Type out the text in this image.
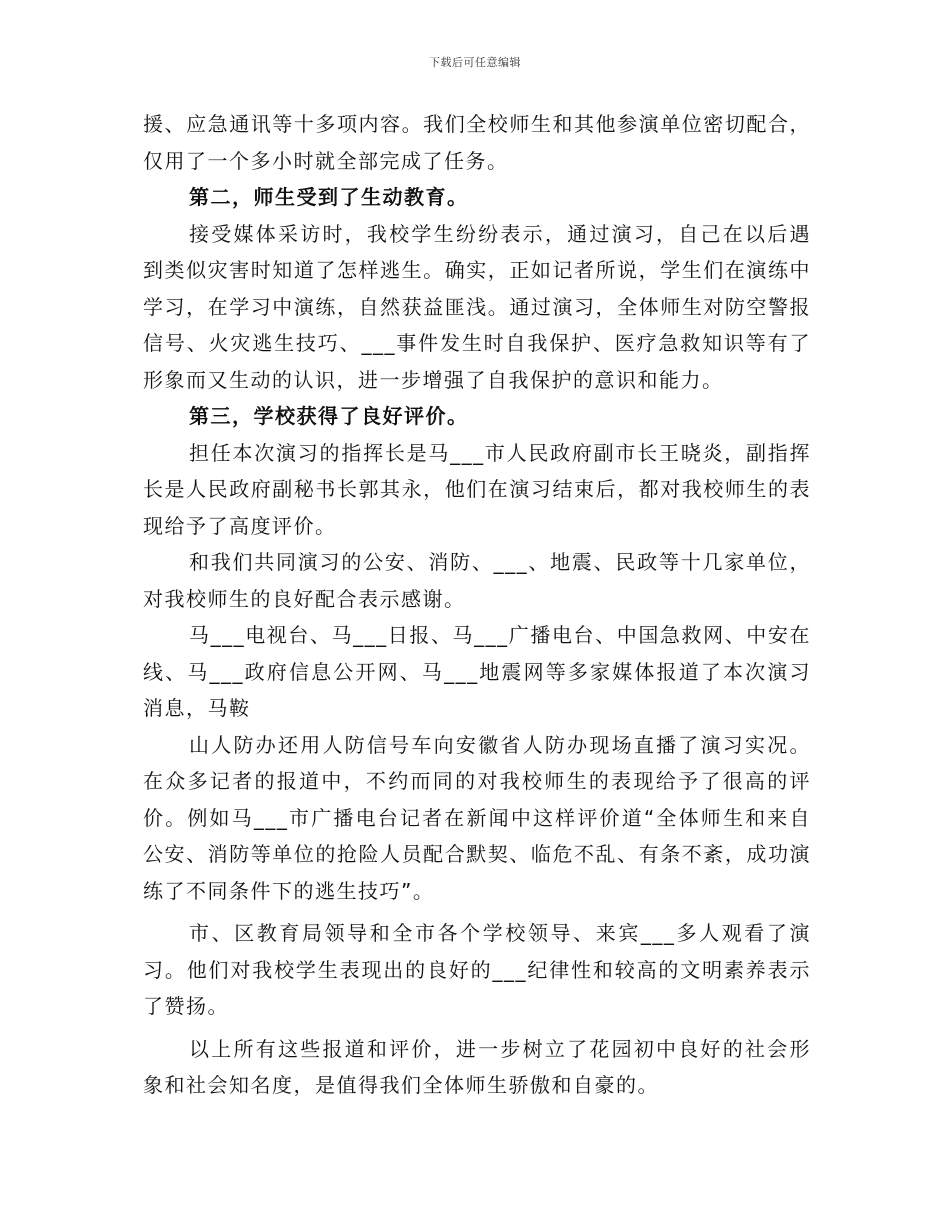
下载后可任意编辑

援、应急通讯等十多项内容。我们全校师生和其他参演单位密切配合，仅用了一个多小时就全部完成了任务。

第二，师生受到了生动教育。

接受媒体采访时，我校学生纷纷表示，通过演习，自己在以后遇到类似灾害时知道了怎样逃生。确实，正如记者所说，学生们在演练中学习，在学习中演练，自然获益匪浅。通过演习，全体师生对防空警报信号、火灾逃生技巧、___事件发生时自我保护、医疗急救知识等有了形象而又生动的认识，进一步增强了自我保护的意识和能力。

第三，学校获得了良好评价。

担任本次演习的指挥长是马___市人民政府副市长王晓炎，副指挥长是人民政府副秘书长郭其永，他们在演习结束后，都对我校师生的表现给予了高度评价。

和我们共同演习的公安、消防、___、地震、民政等十几家单位，对我校师生的良好配合表示感谢。

马___电视台、马___日报、马___广播电台、中国急救网、中安在线、马___政府信息公开网、马___地震网等多家媒体报道了本次演习消息，马鞍

山人防办还用人防信号车向安徽省人防办现场直播了演习实况。在众多记者的报道中，不约而同的对我校师生的表现给予了很高的评价。例如马___市广播电台记者在新闻中这样评价道“全体师生和来自公安、消防等单位的抢险人员配合默契、临危不乱、有条不紊，成功演练了不同条件下的逃生技巧”。

市、区教育局领导和全市各个学校领导、来宾___多人观看了演习。他们对我校学生表现出的良好的___纪律性和较高的文明素养表示了赞扬。

以上所有这些报道和评价，进一步树立了花园初中良好的社会形象和社会知名度，是值得我们全体师生骄傲和自豪的。
